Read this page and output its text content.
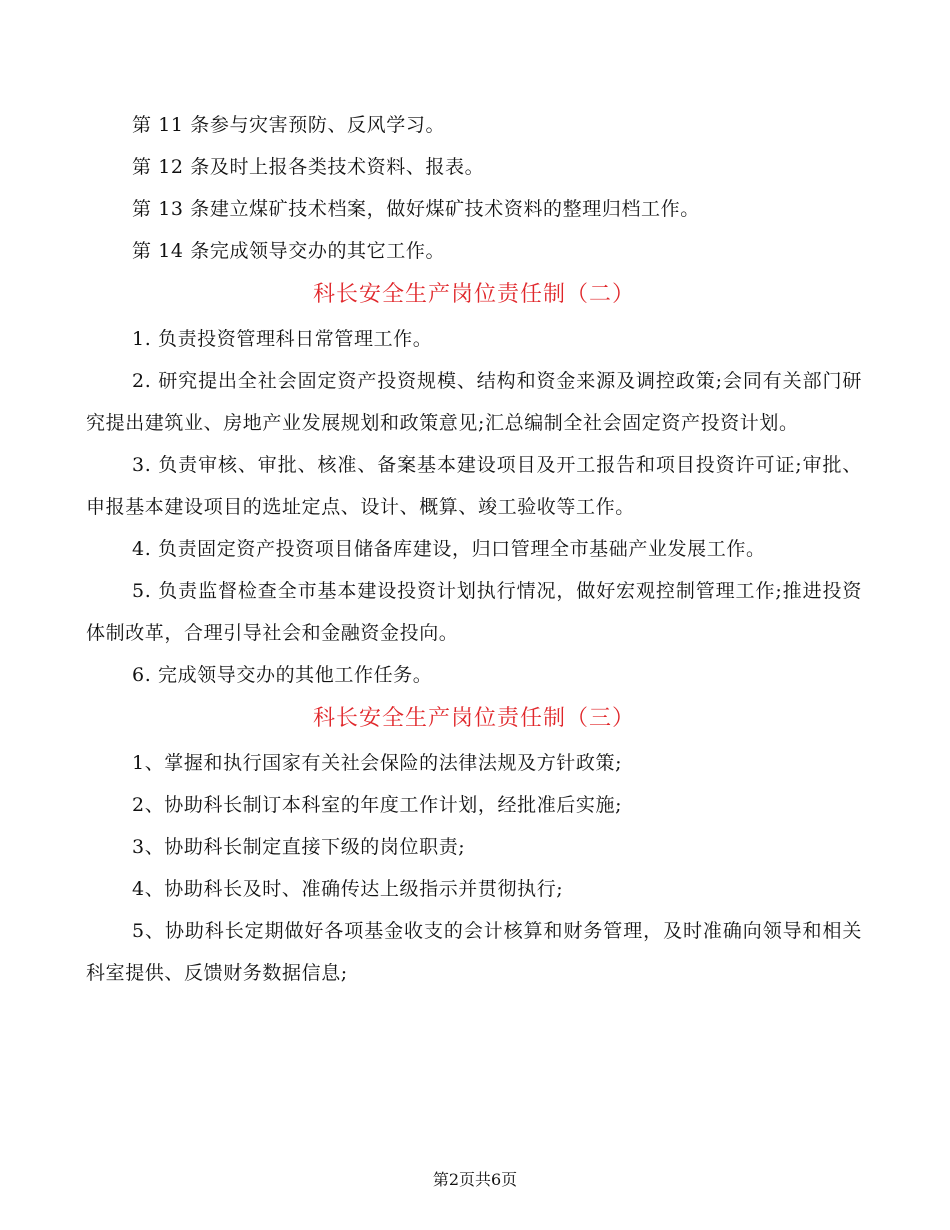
第 11 条参与灾害预防、反风学习。

第 12 条及时上报各类技术资料、报表。

第 13 条建立煤矿技术档案，做好煤矿技术资料的整理归档工作。

第 14 条完成领导交办的其它工作。

科长安全生产岗位责任制（二）

1. 负责投资管理科日常管理工作。

2. 研究提出全社会固定资产投资规模、结构和资金来源及调控政策;会同有关部门研究提出建筑业、房地产业发展规划和政策意见;汇总编制全社会固定资产投资计划。

3. 负责审核、审批、核准、备案基本建设项目及开工报告和项目投资许可证;审批、申报基本建设项目的选址定点、设计、概算、竣工验收等工作。

4. 负责固定资产投资项目储备库建设，归口管理全市基础产业发展工作。

5. 负责监督检查全市基本建设投资计划执行情况，做好宏观控制管理工作;推进投资体制改革，合理引导社会和金融资金投向。

6. 完成领导交办的其他工作任务。

科长安全生产岗位责任制（三）

1、掌握和执行国家有关社会保险的法律法规及方针政策;

2、协助科长制订本科室的年度工作计划，经批准后实施;

3、协助科长制定直接下级的岗位职责;

4、协助科长及时、准确传达上级指示并贯彻执行;

5、协助科长定期做好各项基金收支的会计核算和财务管理，及时准确向领导和相关科室提供、反馈财务数据信息;

第2页共6页
